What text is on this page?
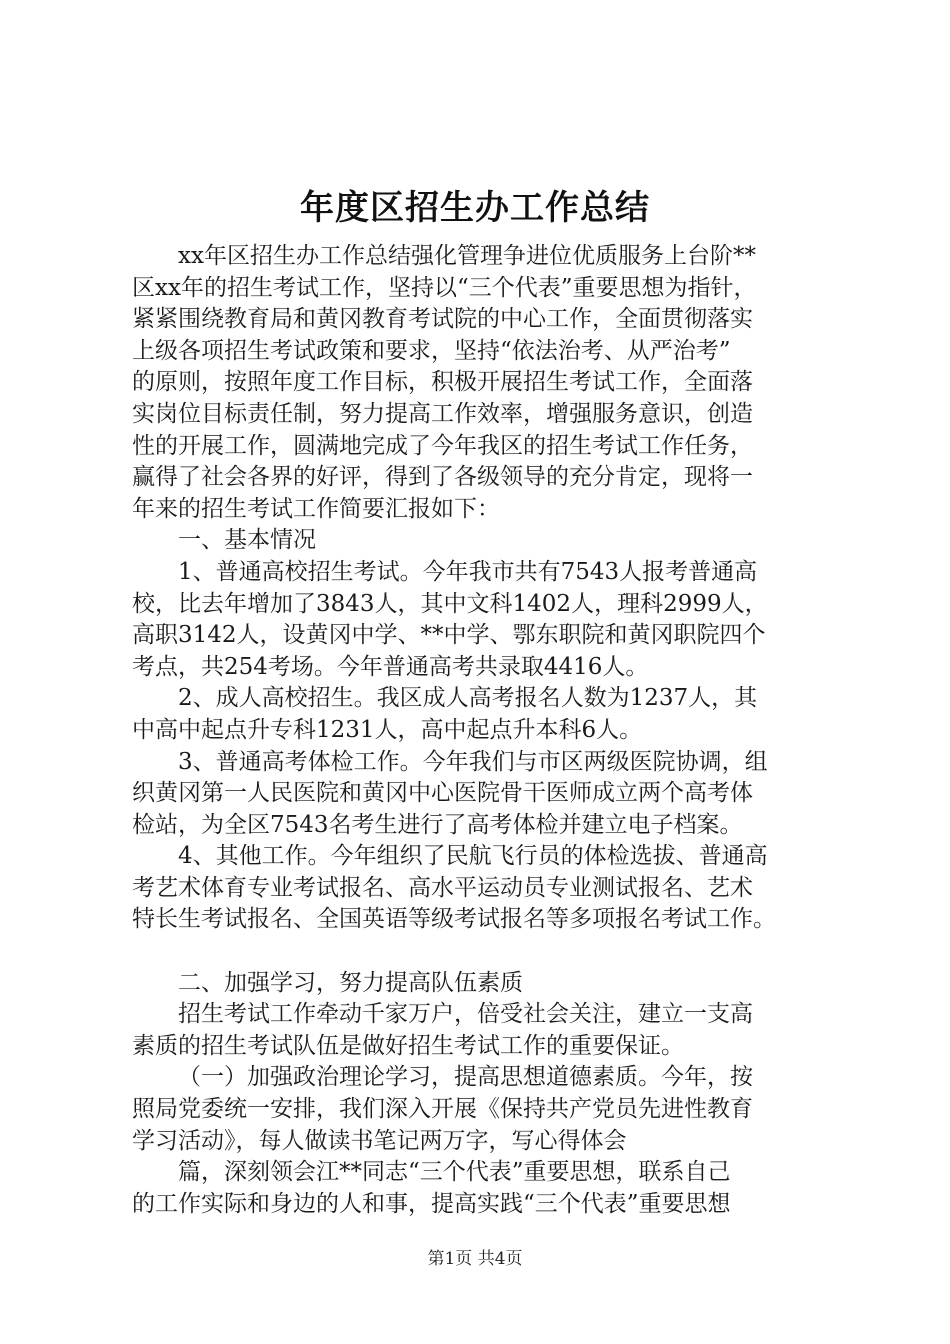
年度区招生办工作总结

xx年区招生办工作总结强化管理争进位优质服务上台阶**
区xx年的招生考试工作，坚持以“三个代表”重要思想为指针，
紧紧围绕教育局和黄冈教育考试院的中心工作，全面贯彻落实
上级各项招生考试政策和要求，坚持“依法治考、从严治考”
的原则，按照年度工作目标，积极开展招生考试工作，全面落
实岗位目标责任制，努力提高工作效率，增强服务意识，创造
性的开展工作，圆满地完成了今年我区的招生考试工作任务，
赢得了社会各界的好评，得到了各级领导的充分肯定，现将一
年来的招生考试工作简要汇报如下：

一、基本情况

1、普通高校招生考试。今年我市共有7543人报考普通高
校，比去年增加了3843人，其中文科1402人，理科2999人，
高职3142人，设黄冈中学、**中学、鄂东职院和黄冈职院四个
考点，共254考场。今年普通高考共录取4416人。

2、成人高校招生。我区成人高考报名人数为1237人，其
中高中起点升专科1231人，高中起点升本科6人。

3、普通高考体检工作。今年我们与市区两级医院协调，组
织黄冈第一人民医院和黄冈中心医院骨干医师成立两个高考体
检站，为全区7543名考生进行了高考体检并建立电子档案。

4、其他工作。今年组织了民航飞行员的体检选拔、普通高
考艺术体育专业考试报名、高水平运动员专业测试报名、艺术
特长生考试报名、全国英语等级考试报名等多项报名考试工作。

二、加强学习，努力提高队伍素质

招生考试工作牵动千家万户，倍受社会关注，建立一支高
素质的招生考试队伍是做好招生考试工作的重要保证。

（一）加强政治理论学习，提高思想道德素质。今年，按
照局党委统一安排，我们深入开展《保持共产党员先进性教育
学习活动》，每人做读书笔记两万字，写心得体会

篇，深刻领会江**同志“三个代表”重要思想，联系自己
的工作实际和身边的人和事，提高实践“三个代表”重要思想

第1页 共4页
